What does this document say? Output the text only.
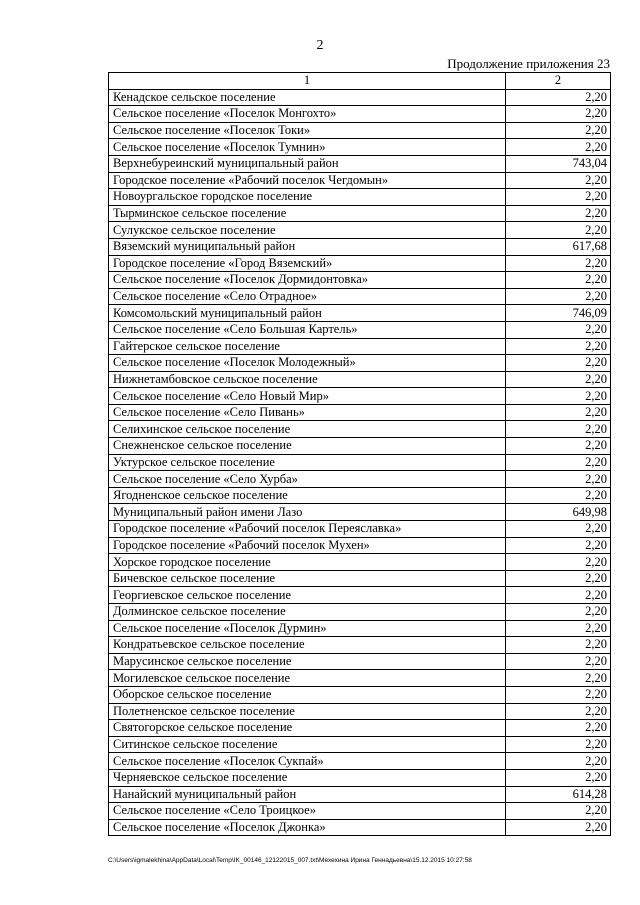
2
Продолжение приложения 23
1	2
Кенадское сельское поселение	2,20
Сельское поселение «Поселок Монгохто»	2,20
Сельское поселение «Поселок Токи»	2,20
Сельское поселение «Поселок Тумнин»	2,20
Верхнебуреинский муниципальный район	743,04
Городское поселение «Рабочий поселок Чегдомын»	2,20
Новоургальское городское поселение	2,20
Тырминское сельское поселение	2,20
Сулукское сельское поселение	2,20
Вяземский муниципальный район	617,68
Городское поселение «Город Вяземский»	2,20
Сельское поселение «Поселок Дормидонтовка»	2,20
Сельское поселение «Село Отрадное»	2,20
Комсомольский муниципальный район	746,09
Сельское поселение «Село Большая Картель»	2,20
Гайтерское сельское поселение	2,20
Сельское поселение «Поселок Молодежный»	2,20
Нижнетамбовское сельское поселение	2,20
Сельское поселение «Село Новый Мир»	2,20
Сельское поселение «Село Пивань»	2,20
Селихинское сельское поселение	2,20
Снежненское сельское поселение	2,20
Уктурское сельское поселение	2,20
Сельское поселение «Село Хурба»	2,20
Ягодненское сельское поселение	2,20
Муниципальный район имени Лазо	649,98
Городское поселение «Рабочий поселок Переяславка»	2,20
Городское поселение «Рабочий поселок Мухен»	2,20
Хорское городское поселение	2,20
Бичевское сельское поселение	2,20
Георгиевское сельское поселение	2,20
Долминское сельское поселение	2,20
Сельское поселение «Поселок Дурмин»	2,20
Кондратьевское сельское поселение	2,20
Марусинское сельское поселение	2,20
Могилевское сельское поселение	2,20
Оборское сельское поселение	2,20
Полетненское сельское поселение	2,20
Святогорское сельское поселение	2,20
Ситинское сельское поселение	2,20
Сельское поселение «Поселок Сукпай»	2,20
Черняевское сельское поселение	2,20
Нанайский муниципальный район	614,28
Сельское поселение «Село Троицкое»	2,20
Сельское поселение «Поселок Джонка»	2,20
C:\Users\igmalekhina\AppData\Local\Temp\IK_00146_12122015_007.txt\Мехехина Ирина Геннадьевна\15.12.2015 10:27:58
